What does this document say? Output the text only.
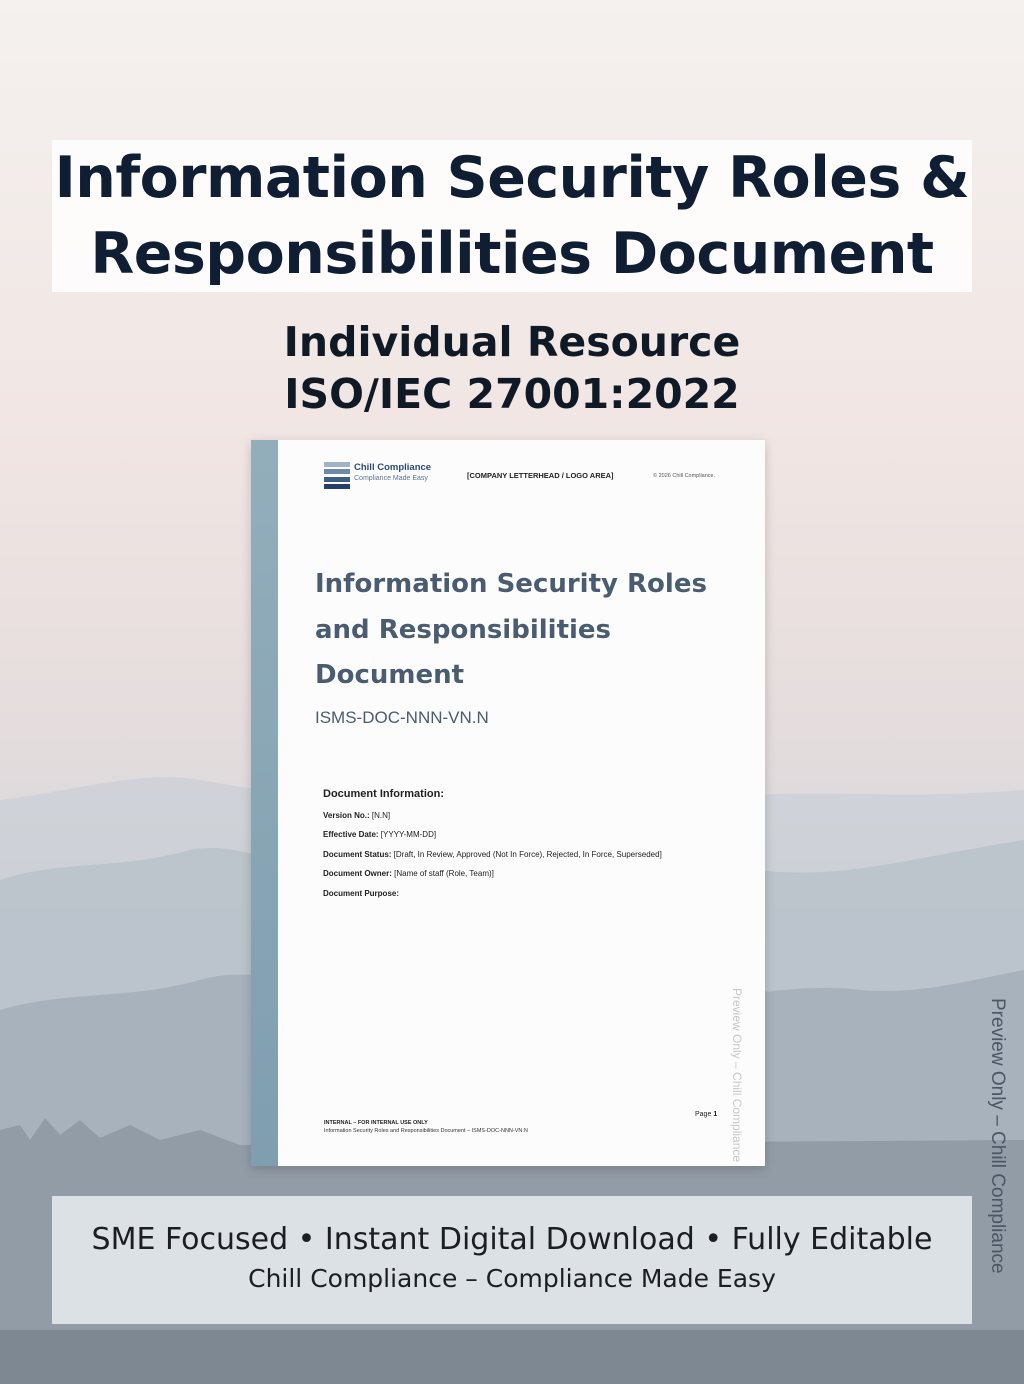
Information Security Roles &
Responsibilities Document
Individual Resource
ISO/IEC 27001:2022
Chill Compliance
Compliance Made Easy	[COMPANY LETTERHEAD / LOGO AREA]	© 2026 Chill Compliance.
Information Security Roles
and Responsibilities
Document
ISMS-DOC-NNN-VN.N
Document Information:
Version No.: [N.N]
Effective Date: [YYYY-MM-DD]
Document Status: [Draft, In Review, Approved (Not In Force), Rejected, In Force, Superseded]
Document Owner: [Name of staff (Role, Team)]
Document Purpose:
Preview Only – Chill Compliance
Page 1
INTERNAL – FOR INTERNAL USE ONLY
Information Security Roles and Responsibilities Document – ISMS-DOC-NNN-VN.N	Preview Only – Chill Compliance
SME Focused • Instant Digital Download • Fully Editable
Chill Compliance – Compliance Made Easy
